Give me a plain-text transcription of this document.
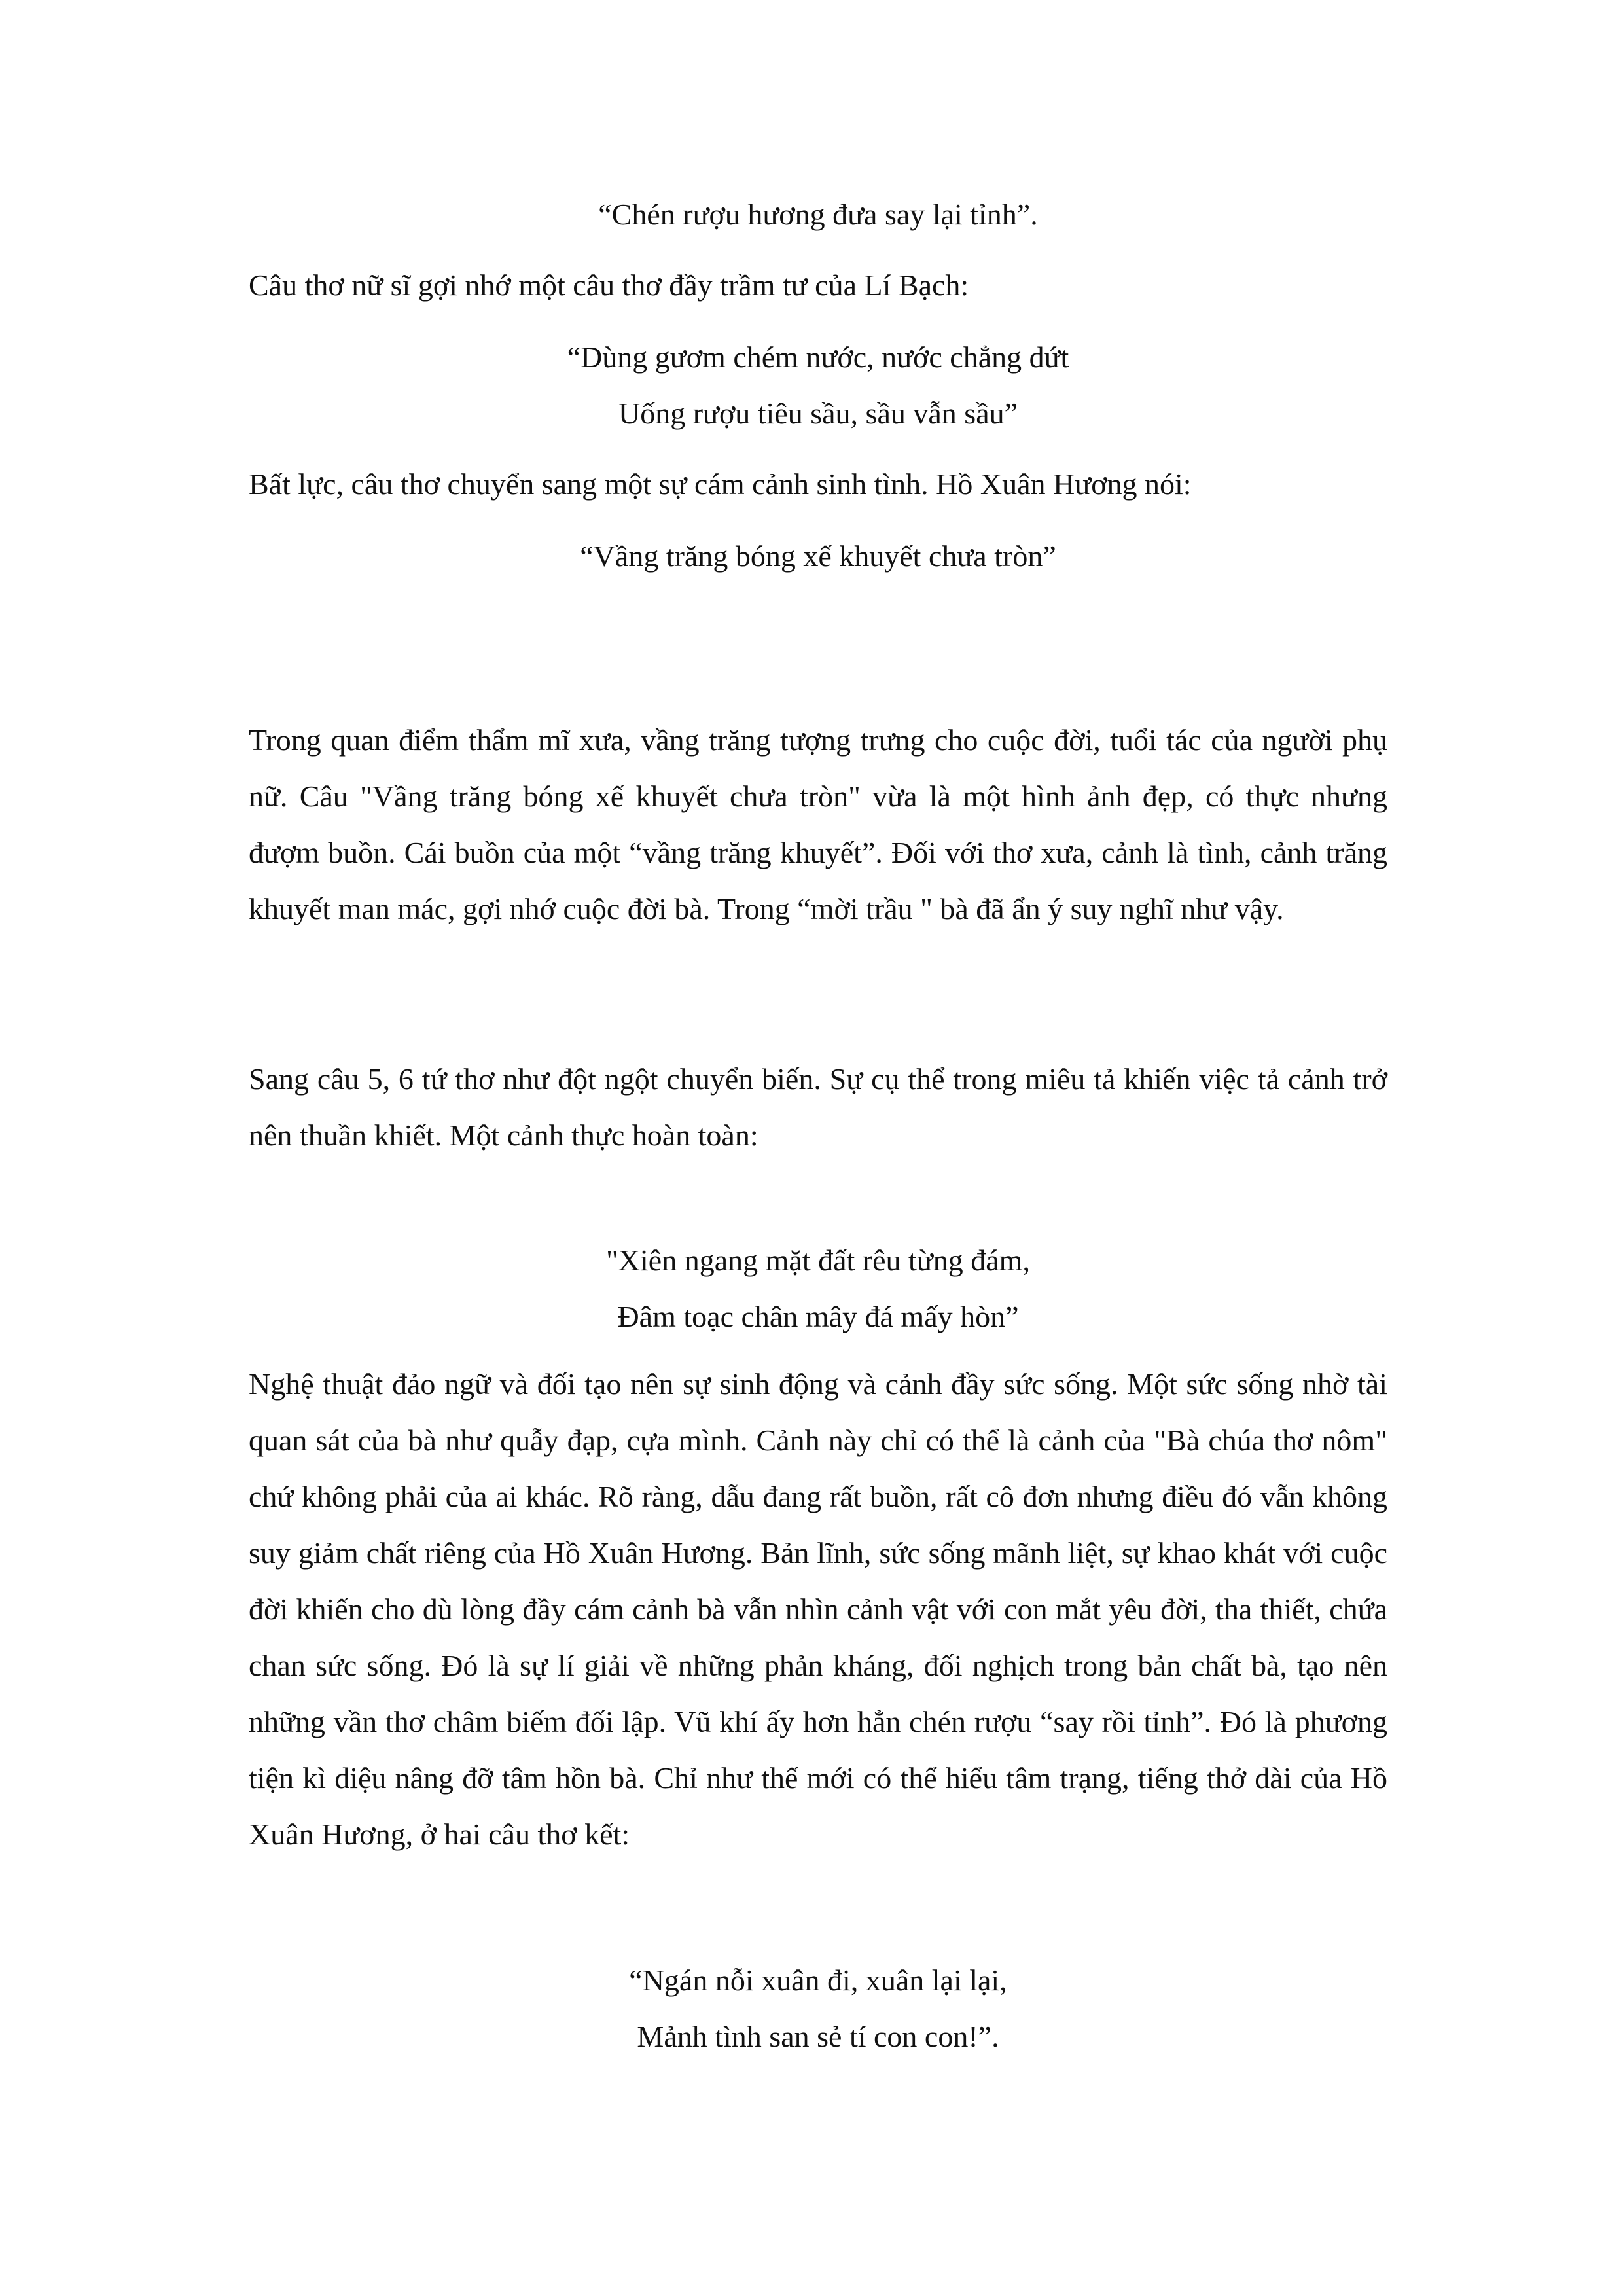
“Chén rượu hương đưa say lại tỉnh”.

Câu thơ nữ sĩ gợi nhớ một câu thơ đầy trầm tư của Lí Bạch:

“Dùng gươm chém nước, nước chẳng dứt

Uống rượu tiêu sầu, sầu vẫn sầu”

Bất lực, câu thơ chuyển sang một sự cám cảnh sinh tình. Hồ Xuân Hương nói:

“Vầng trăng bóng xế khuyết chưa tròn”

Trong quan điểm thẩm mĩ xưa, vầng trăng tượng trưng cho cuộc đời, tuổi tác của người phụ nữ. Câu "Vầng trăng bóng xế khuyết chưa tròn" vừa là một hình ảnh đẹp, có thực nhưng đượm buồn. Cái buồn của một “vầng trăng khuyết”. Đối với thơ xưa, cảnh là tình, cảnh trăng khuyết man mác, gợi nhớ cuộc đời bà. Trong “mời trầu " bà đã ẩn ý suy nghĩ như vậy.

Sang câu 5, 6 tứ thơ như đột ngột chuyển biến. Sự cụ thể trong miêu tả khiến việc tả cảnh trở nên thuần khiết. Một cảnh thực hoàn toàn:

"Xiên ngang mặt đất rêu từng đám,

Đâm toạc chân mây đá mấy hòn”

Nghệ thuật đảo ngữ và đối tạo nên sự sinh động và cảnh đầy sức sống. Một sức sống nhờ tài quan sát của bà như quẫy đạp, cựa mình. Cảnh này chỉ có thể là cảnh của "Bà chúa thơ nôm" chứ không phải của ai khác. Rõ ràng, dẫu đang rất buồn, rất cô đơn nhưng điều đó vẫn không suy giảm chất riêng của Hồ Xuân Hương. Bản lĩnh, sức sống mãnh liệt, sự khao khát với cuộc đời khiến cho dù lòng đầy cám cảnh bà vẫn nhìn cảnh vật với con mắt yêu đời, tha thiết, chứa chan sức sống. Đó là sự lí giải về những phản kháng, đối nghịch trong bản chất bà, tạo nên những vần thơ châm biếm đối lập. Vũ khí ấy hơn hẳn chén rượu “say rồi tỉnh”. Đó là phương tiện kì diệu nâng đỡ tâm hồn bà. Chỉ như thế mới có thể hiểu tâm trạng, tiếng thở dài của Hồ Xuân Hương, ở hai câu thơ kết:

“Ngán nỗi xuân đi, xuân lại lại,

Mảnh tình san sẻ tí con con!”.
